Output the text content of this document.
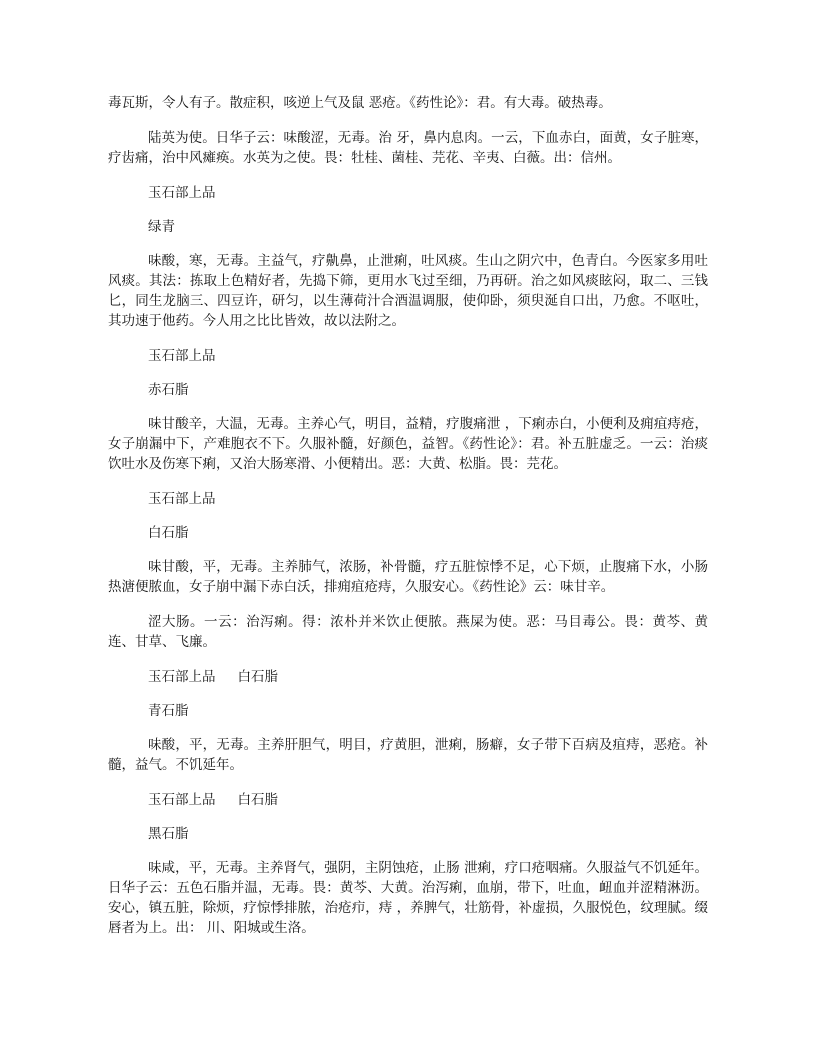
毒瓦斯，令人有子。散症积，咳逆上气及鼠 恶疮。《药性论》：君。有大毒。破热毒。

陆英为使。日华子云：味酸涩，无毒。治 牙，鼻内息肉。一云，下血赤白，面黄，女子脏寒，疗齿痛，治中风瘫痪。水英为之使。畏：牡桂、菌桂、芫花、辛夷、白薇。出：信州。

玉石部上品
绿青

味酸，寒，无毒。主益气，疗鼽鼻，止泄痢，吐风痰。生山之阴穴中，色青白。今医家多用吐风痰。其法：拣取上色精好者，先捣下筛，更用水飞过至细，乃再研。治之如风痰眩闷，取二、三钱匕，同生龙脑三、四豆许，研匀，以生薄荷汁合酒温调服，使仰卧，须臾涎自口出，乃愈。不呕吐，其功速于他药。今人用之比比皆效，故以法附之。

玉石部上品
赤石脂

味甘酸辛，大温，无毒。主养心气，明目，益精，疗腹痛泄 ，下痢赤白，小便利及痈疽痔疮，女子崩漏中下，产难胞衣不下。久服补髓，好颜色，益智。《药性论》：君。补五脏虚乏。一云：治痰饮吐水及伤寒下痢，又治大肠寒滑、小便精出。恶：大黄、松脂。畏：芫花。

玉石部上品
白石脂

味甘酸，平，无毒。主养肺气，浓肠，补骨髓，疗五脏惊悸不足，心下烦，止腹痛下水，小肠 热溏便脓血，女子崩中漏下赤白沃，排痈疽疮痔，久服安心。《药性论》云：味甘辛。

涩大肠。一云：治泻痢。得：浓朴并米饮止便脓。燕屎为使。恶：马目毒公。畏：黄芩、黄连、甘草、飞廉。

玉石部上品 白石脂
青石脂

味酸，平，无毒。主养肝胆气，明目，疗黄胆，泄痢，肠癖，女子带下百病及疽痔，恶疮。补髓，益气。不饥延年。

玉石部上品 白石脂
黑石脂

味咸，平，无毒。主养肾气，强阴，主阴蚀疮，止肠 泄痢，疗口疮咽痛。久服益气不饥延年。日华子云：五色石脂并温，无毒。畏：黄芩、大黄。治泻痢，血崩，带下，吐血，衄血并涩精淋沥。安心，镇五脏，除烦，疗惊悸排脓，治疮疖，痔 ，养脾气，壮筋骨，补虚损，久服悦色，纹理腻。缀唇者为上。出： 川、阳城或生洛。
